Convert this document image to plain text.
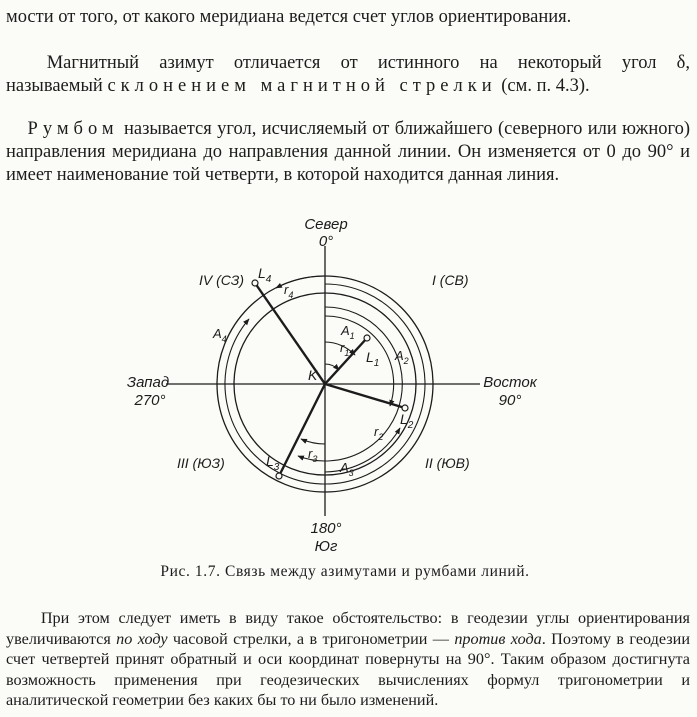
мости от того, от какого меридиана ведется счет углов ориентирования.

Магнитный азимут отличается от истинного на некоторый угол δ, называемый склонением магнитной стрелки (см. п. 4.3).

Румбом называется угол, исчисляемый от ближайшего (северного или южного) направления меридиана до направления данной линии. Он изменяется от 0 до 90° и имеет наименование той четверти, в которой находится данная линия.

Север
0°
Запад
270°
Восток
90°
180°
Юг
I (СВ)
II (ЮВ)
III (ЮЗ)
IV (СЗ)
K
$L_1$
$L_2$
$L_3$
$L_4$
$A_1$
$A_2$
$A_3$
$A_4$
$r_1$
$r_2$
$r_3$
$r_4$
Рис. 1.7. Связь между азимутами и румбами линий.

При этом следует иметь в виду такое обстоятельство: в геодезии углы ориентирования увеличиваются по ходу часовой стрелки, а в тригонометрии — против хода. Поэтому в геодезии счет четвертей принят обратный и оси координат повернуты на 90°. Таким образом достигнута возможность применения при геодезических вычислениях формул тригонометрии и аналитической геометрии без каких бы то ни было изменений.
